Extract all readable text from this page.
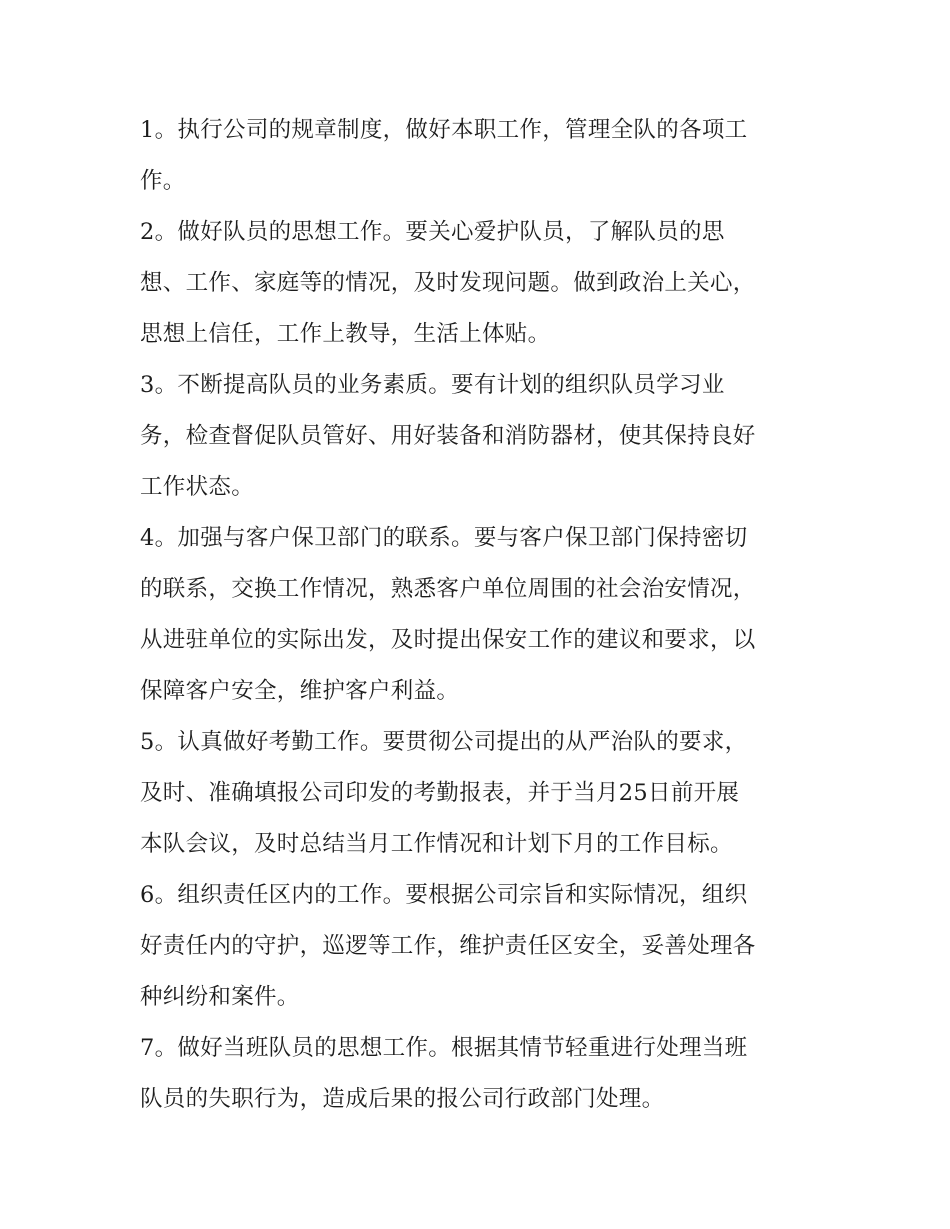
1。执行公司的规章制度，做好本职工作，管理全队的各项工
作。
2。做好队员的思想工作。要关心爱护队员，了解队员的思
想、工作、家庭等的情况，及时发现问题。做到政治上关心，
思想上信任，工作上教导，生活上体贴。
3。不断提高队员的业务素质。要有计划的组织队员学习业
务，检查督促队员管好、用好装备和消防器材，使其保持良好
工作状态。
4。加强与客户保卫部门的联系。要与客户保卫部门保持密切
的联系，交换工作情况，熟悉客户单位周围的社会治安情况，
从进驻单位的实际出发，及时提出保安工作的建议和要求，以
保障客户安全，维护客户利益。
5。认真做好考勤工作。要贯彻公司提出的从严治队的要求，
及时、准确填报公司印发的考勤报表，并于当月25日前开展
本队会议，及时总结当月工作情况和计划下月的工作目标。
6。组织责任区内的工作。要根据公司宗旨和实际情况，组织
好责任内的守护，巡逻等工作，维护责任区安全，妥善处理各
种纠纷和案件。
7。做好当班队员的思想工作。根据其情节轻重进行处理当班
队员的失职行为，造成后果的报公司行政部门处理。
